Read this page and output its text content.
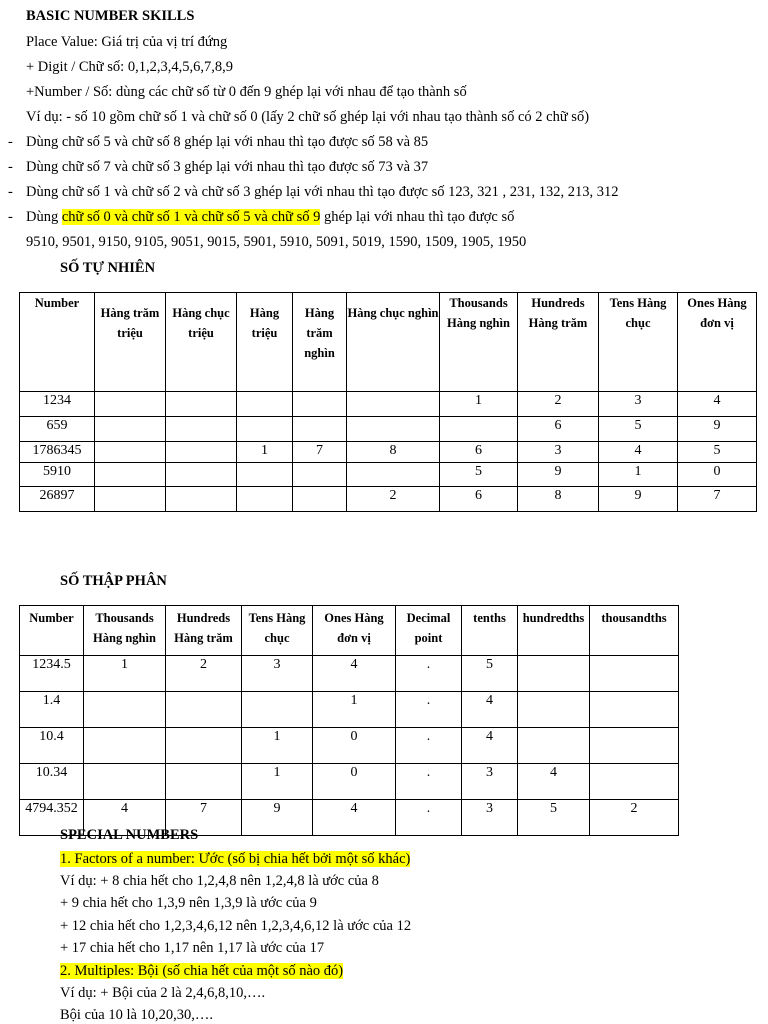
BASIC NUMBER SKILLS
Place Value: Giá trị của vị trí đứng
+ Digit / Chữ số: 0,1,2,3,4,5,6,7,8,9
+Number / Số: dùng các chữ số từ 0 đến 9 ghép lại với nhau để tạo thành số
Ví dụ: - số 10 gồm chữ số 1 và chữ số 0 (lấy 2 chữ số ghép lại với nhau tạo thành số có 2 chữ số)
- Dùng chữ số 5 và chữ số 8 ghép lại với nhau thì tạo được số 58 và 85
- Dùng chữ số 7 và chữ số 3 ghép lại với nhau thì tạo được số 73 và 37
- Dùng chữ số 1 và chữ số 2 và chữ số 3 ghép lại với nhau thì tạo được số 123, 321 , 231, 132, 213, 312
- Dùng chữ số 0 và chữ số 1 và chữ số 5 và chữ số 9 ghép lại với nhau thì tạo được số
9510, 9501, 9150, 9105, 9051, 9015, 5901, 5910, 5091, 5019, 1590, 1509, 1905, 1950
SỐ TỰ NHIÊN
Number	Hàng trăm triệu	Hàng chục triệu	Hàng triệu	Hàng trăm nghìn	Hàng chục nghìn	Thousands Hàng nghìn	Hundreds Hàng trăm	Tens Hàng chục	Ones Hàng đơn vị
1234						1	2	3	4
659							6	5	9
1786345			1	7	8	6	3	4	5
5910						5	9	1	0
26897					2	6	8	9	7
SỐ THẬP PHÂN
Number	Thousands Hàng nghìn	Hundreds Hàng trăm	Tens Hàng chục	Ones Hàng đơn vị	Decimal point	tenths	hundredths	thousandths
1234.5	1	2	3	4	.	5		
1.4				1	.	4		
10.4			1	0	.	4		
10.34			1	0	.	3	4	
4794.352	4	7	9	4	.	3	5	2
SPECIAL NUMBERS
1. Factors of a number: Ước (số bị chia hết bởi một số khác)
Ví dụ: + 8 chia hết cho 1,2,4,8 nên 1,2,4,8 là ước của 8
+ 9 chia hết cho 1,3,9 nên 1,3,9 là ước của 9
+ 12 chia hết cho 1,2,3,4,6,12 nên 1,2,3,4,6,12 là ước của 12
+ 17 chia hết cho 1,17 nên 1,17 là ước của 17
2. Multiples: Bội (số chia hết của một số nào đó)
Ví dụ: + Bội của 2 là 2,4,6,8,10,….
Bội của 10 là 10,20,30,….
